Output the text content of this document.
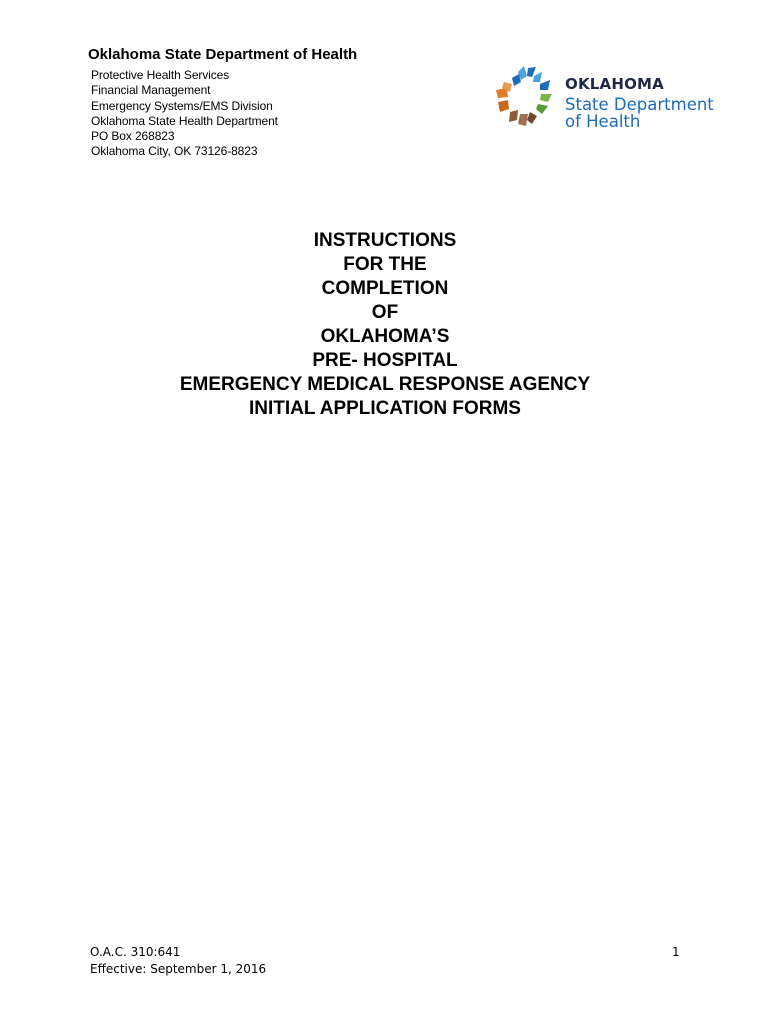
Oklahoma State Department of Health

Protective Health Services

Financial Management

Emergency Systems/EMS Division

Oklahoma State Health Department

PO Box 268823

Oklahoma City, OK 73126-8823

OKLAHOMA
State Department
of Health

INSTRUCTIONS

FOR THE

COMPLETION

OF

OKLAHOMA’S

PRE- HOSPITAL

EMERGENCY MEDICAL RESPONSE AGENCY

INITIAL APPLICATION FORMS

O.A.C. 310:641
Effective: September 1, 2016
1
